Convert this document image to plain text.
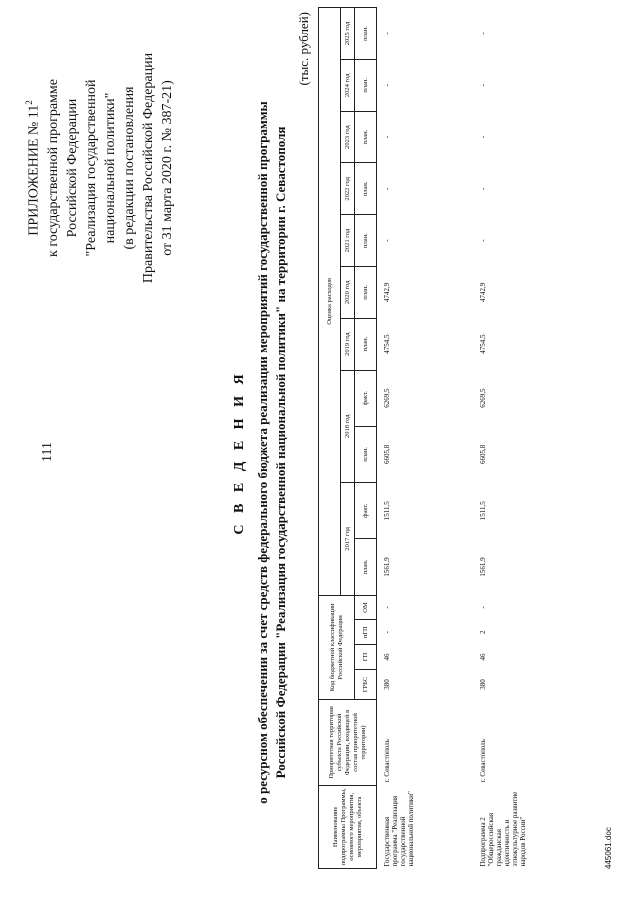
111
ПРИЛОЖЕНИЕ № $11^2$ к государственной программе Российской Федерации "Реализация государственной национальной политики" (в редакции постановления Правительства Российской Федерации от 31 марта 2020 г. № 387-21)
С В Е Д Е Н И Я о ресурсном обеспечении за счет средств федерального бюджета реализации мероприятий государственной программы Российской Федерации "Реализация государственной национальной политики" на территории г. Севастополя
(тыс. рублей)
Наименование подпрограммы Программы, основного мероприятия, мероприятия, объекта	Приоритетная территория субъекта Российской Федерации, входящей в состав приоритетной территории)	Код бюджетной классификации Российской Федерации				Оценка расходов										
						2017 год		2018 год		2019 год	2020 год	2021 год	2022 год	2023 год	2024 год	2025 год
		ГРБС	ГП	пГП	ОМ	план.	факт.	план.	факт.	план.	план.	план.	план.	план.	план.	план.
Государственная программа "Реализация государственной национальной политики"	г. Севастополь	380	46	-	-	1561,9	1511,5	6605,8	6269,5	4754,5	4742,9	-	-	-	-	-
Подпрограмма 2 "Общероссийская гражданская идентичность и этнокультурное развитие народов России"	г. Севастополь	380	46	2	-	1561,9	1511,5	6605,8	6269,5	4754,5	4742,9	-	-	-	-	-
445061.doc
